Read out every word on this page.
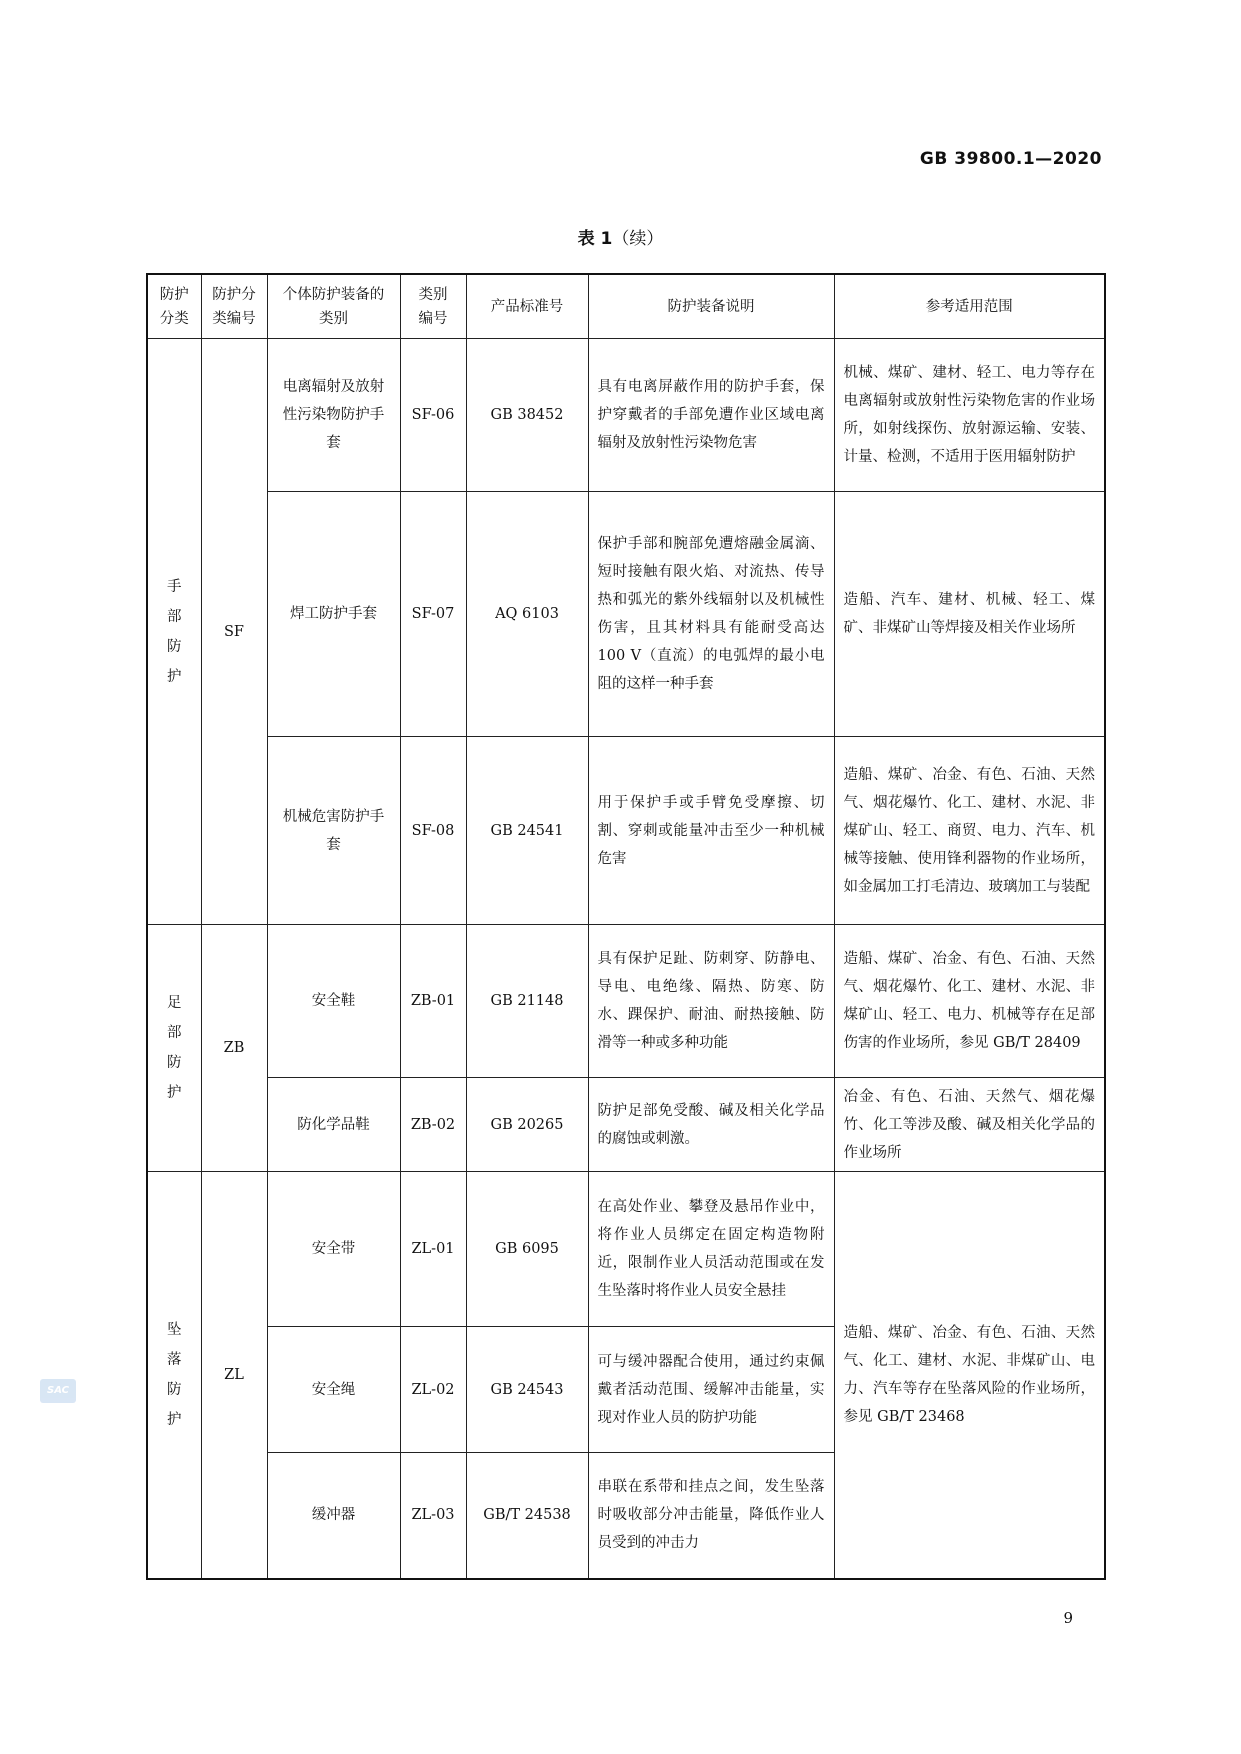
GB 39800.1—2020
表 1（续）
防护分类	防护分类编号	个体防护装备的类别	类别编号	产品标准号	防护装备说明	参考适用范围
手部防护	SF	电离辐射及放射性污染物防护手套	SF-06	GB 38452	具有电离屏蔽作用的防护手套，保护穿戴者的手部免遭作业区域电离辐射及放射性污染物危害	机械、煤矿、建材、轻工、电力等存在电离辐射或放射性污染物危害的作业场所，如射线探伤、放射源运输、安装、计量、检测，不适用于医用辐射防护
		焊工防护手套	SF-07	AQ 6103	保护手部和腕部免遭熔融金属滴、短时接触有限火焰、对流热、传导热和弧光的紫外线辐射以及机械性伤害，且其材料具有能耐受高达 100 V（直流）的电弧焊的最小电阻的这样一种手套	造船、汽车、建材、机械、轻工、煤矿、非煤矿山等焊接及相关作业场所
		机械危害防护手套	SF-08	GB 24541	用于保护手或手臂免受摩擦、切割、穿刺或能量冲击至少一种机械危害	造船、煤矿、冶金、有色、石油、天然气、烟花爆竹、化工、建材、水泥、非煤矿山、轻工、商贸、电力、汽车、机械等接触、使用锋利器物的作业场所，如金属加工打毛清边、玻璃加工与装配
足部防护	ZB	安全鞋	ZB-01	GB 21148	具有保护足趾、防刺穿、防静电、导电、电绝缘、隔热、防寒、防水、踝保护、耐油、耐热接触、防滑等一种或多种功能	造船、煤矿、冶金、有色、石油、天然气、烟花爆竹、化工、建材、水泥、非煤矿山、轻工、电力、机械等存在足部伤害的作业场所，参见 GB/T 28409
		防化学品鞋	ZB-02	GB 20265	防护足部免受酸、碱及相关化学品的腐蚀或刺激。	冶金、有色、石油、天然气、烟花爆竹、化工等涉及酸、碱及相关化学品的作业场所
坠落防护	ZL	安全带	ZL-01	GB 6095	在高处作业、攀登及悬吊作业中，将作业人员绑定在固定构造物附近，限制作业人员活动范围或在发生坠落时将作业人员安全悬挂	造船、煤矿、冶金、有色、石油、天然气、化工、建材、水泥、非煤矿山、电力、汽车等存在坠落风险的作业场所，参见 GB/T 23468
		安全绳	ZL-02	GB 24543	可与缓冲器配合使用，通过约束佩戴者活动范围、缓解冲击能量，实现对作业人员的防护功能	
		缓冲器	ZL-03	GB/T 24538	串联在系带和挂点之间，发生坠落时吸收部分冲击能量，降低作业人员受到的冲击力	
SAC
9
